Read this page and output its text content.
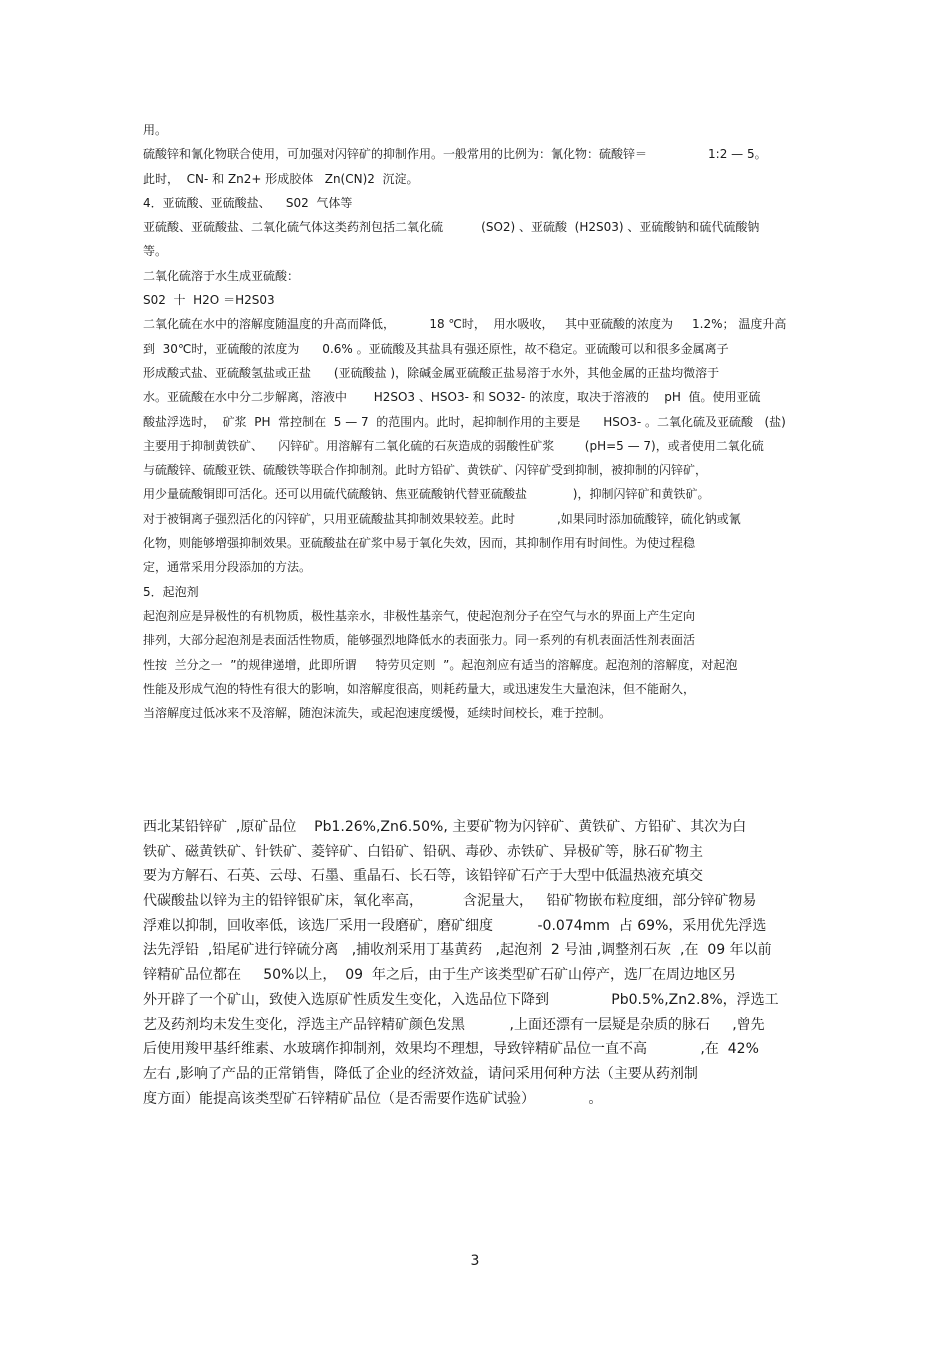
用。
硫酸锌和氰化物联合使用，可加强对闪锌矿的抑制作用。一般常用的比例为：氰化物：硫酸锌＝                1:2 — 5。
此时，  CN- 和 Zn2+ 形成胶体   Zn(CN)2  沉淀。
4．亚硫酸、亚硫酸盐、    S02  气体等
亚硫酸、亚硫酸盐、二氧化硫气体这类药剂包括二氧化硫          (SO2) 、亚硫酸  (H2S03) 、亚硫酸钠和硫代硫酸钠
等。
二氧化硫溶于水生成亚硫酸：
S02  十  H2O ＝H2S03
二氧化硫在水中的溶解度随温度的升高而降低，         18 ℃时，  用水吸收，   其中亚硫酸的浓度为     1.2%； 温度升高
到  30℃时，亚硫酸的浓度为      0.6% 。亚硫酸及其盐具有强还原性，故不稳定。亚硫酸可以和很多金属离子
形成酸式盐、亚硫酸氢盐或正盐      (亚硫酸盐 )，除碱金属亚硫酸正盐易溶于水外，其他金属的正盐均微溶于
水。亚硫酸在水中分二步解离，溶液中       H2SO3 、HSO3- 和 SO32- 的浓度，取决于溶液的    pH  值。使用亚硫
酸盐浮选时，  矿浆  PH  常控制在  5 — 7  的范围内。此时，起抑制作用的主要是      HSO3- 。二氧化硫及亚硫酸   (盐)
主要用于抑制黄铁矿、    闪锌矿。用溶解有二氧化硫的石灰造成的弱酸性矿浆        (pH=5 — 7)，或者使用二氧化硫
与硫酸锌、硫酸亚铁、硫酸铁等联合作抑制剂。此时方铅矿、黄铁矿、闪锌矿受到抑制，被抑制的闪锌矿，
用少量硫酸铜即可活化。还可以用硫代硫酸钠、焦亚硫酸钠代替亚硫酸盐            )，抑制闪锌矿和黄铁矿。
对于被铜离子强烈活化的闪锌矿，只用亚硫酸盐其抑制效果较差。此时           ,如果同时添加硫酸锌，硫化钠或氰
化物，则能够增强抑制效果。亚硫酸盐在矿浆中易于氧化失效，因而，其抑制作用有时间性。为使过程稳
定，通常采用分段添加的方法。
5．起泡剂
起泡剂应是异极性的有机物质，极性基亲水，非极性基亲气，使起泡剂分子在空气与水的界面上产生定向
排列，大部分起泡剂是表面活性物质，能够强烈地降低水的表面张力。同一系列的有机表面活性剂表面活
性按  兰分之一  ”的规律递增，此即所谓     特劳贝定则  ”。起泡剂应有适当的溶解度。起泡剂的溶解度，对起泡
性能及形成气泡的特性有很大的影响，如溶解度很高，则耗药量大，或迅速发生大量泡沫，但不能耐久，
当溶解度过低冰来不及溶解，随泡沫流失，或起泡速度缓慢，延续时间校长，难于控制。
西北某铅锌矿  ,原矿品位    Pb1.26%,Zn6.50%, 主要矿物为闪锌矿、黄铁矿、方铅矿、其次为白
铁矿、磁黄铁矿、针铁矿、菱锌矿、白铅矿、铅矾、毒砂、赤铁矿、异极矿等，脉石矿物主
要为方解石、石英、云母、石墨、重晶石、长石等，该铅锌矿石产于大型中低温热液充填交
代碳酸盐以锌为主的铅锌银矿床，氧化率高，         含泥量大，   铅矿物嵌布粒度细，部分锌矿物易
浮难以抑制，回收率低，该选厂采用一段磨矿，磨矿细度          -0.074mm  占 69%，采用优先浮选
法先浮铅  ,铅尾矿进行锌硫分离   ,捕收剂采用丁基黄药   ,起泡剂  2 号油 ,调整剂石灰  ,在  09 年以前
锌精矿品位都在     50%以上，  09  年之后，由于生产该类型矿石矿山停产，选厂在周边地区另
外开辟了一个矿山，致使入选原矿性质发生变化，入选品位下降到              Pb0.5%,Zn2.8%，浮选工
艺及药剂均未发生变化，浮选主产品锌精矿颜色发黑          ,上面还漂有一层疑是杂质的脉石     ,曾先
后使用羧甲基纤维素、水玻璃作抑制剂，效果均不理想，导致锌精矿品位一直不高            ,在  42%
左右 ,影响了产品的正常销售，降低了企业的经济效益，请问采用何种方法（主要从药剂制
度方面）能提高该类型矿石锌精矿品位（是否需要作选矿试验）            。
3
